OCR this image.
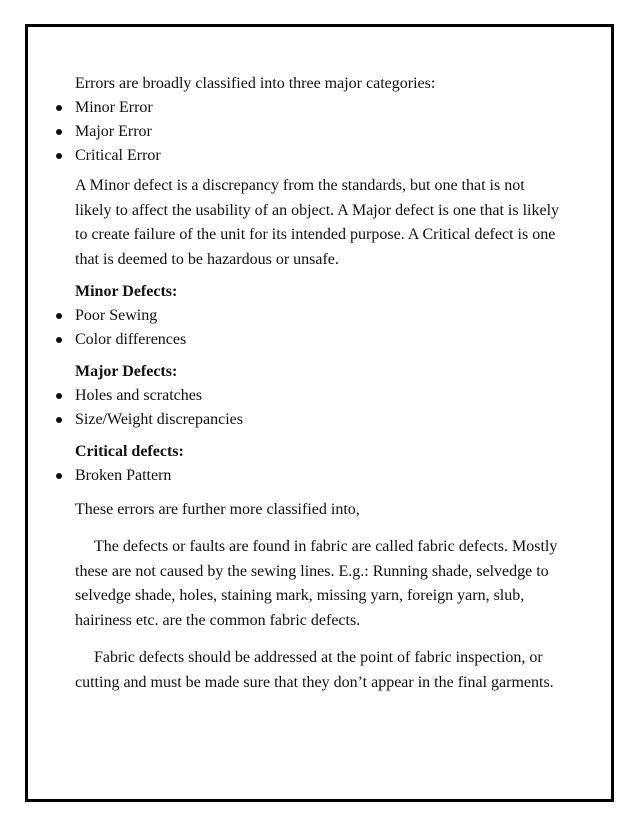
Errors are broadly classified into three major categories:

Minor Error
Major Error
Critical Error

A Minor defect is a discrepancy from the standards, but one that is not likely to affect the usability of an object. A Major defect is one that is likely to create failure of the unit for its intended purpose. A Critical defect is one that is deemed to be hazardous or unsafe.

Minor Defects:

Poor Sewing
Color differences

Major Defects:

Holes and scratches
Size/Weight discrepancies

Critical defects:

Broken Pattern

These errors are further more classified into,

The defects or faults are found in fabric are called fabric defects. Mostly these are not caused by the sewing lines. E.g.: Running shade, selvedge to selvedge shade, holes, staining mark, missing yarn, foreign yarn, slub, hairiness etc. are the common fabric defects.

Fabric defects should be addressed at the point of fabric inspection, or cutting and must be made sure that they don’t appear in the final garments.
